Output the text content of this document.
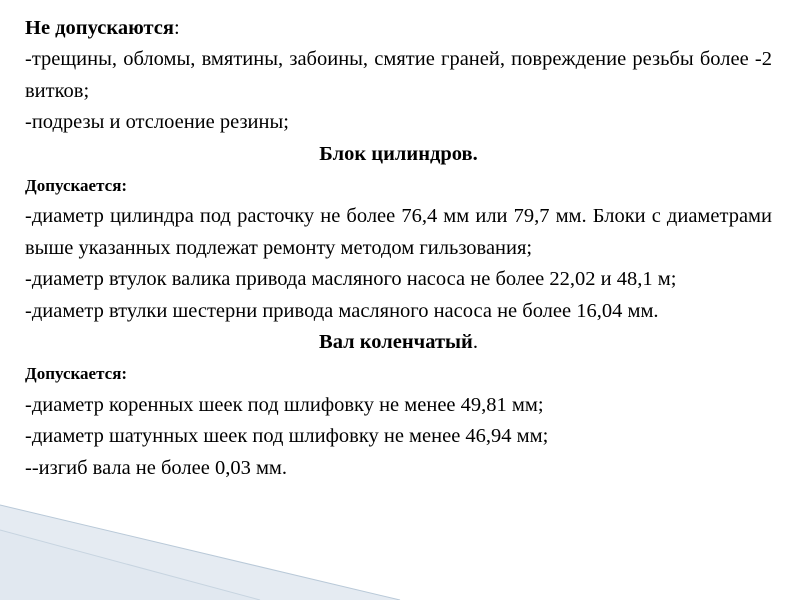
Не допускаются:

-трещины, обломы, вмятины, забоины, смятие граней, повреждение резьбы более -2 витков;

-подрезы и отслоение резины;

Блок цилиндров.

Допускается:

-диаметр цилиндра под расточку не более 76,4 мм или 79,7 мм. Блоки с диаметрами выше указанных подлежат ремонту методом гильзования;

-диаметр втулок валика привода масляного насоса не более 22,02 и 48,1 м;

-диаметр втулки шестерни привода масляного насоса не более 16,04 мм.

Вал коленчатый.

Допускается:

-диаметр коренных шеек под шлифовку не менее 49,81 мм;

-диаметр шатунных шеек под шлифовку не менее 46,94 мм;

--изгиб вала не более 0,03 мм.
